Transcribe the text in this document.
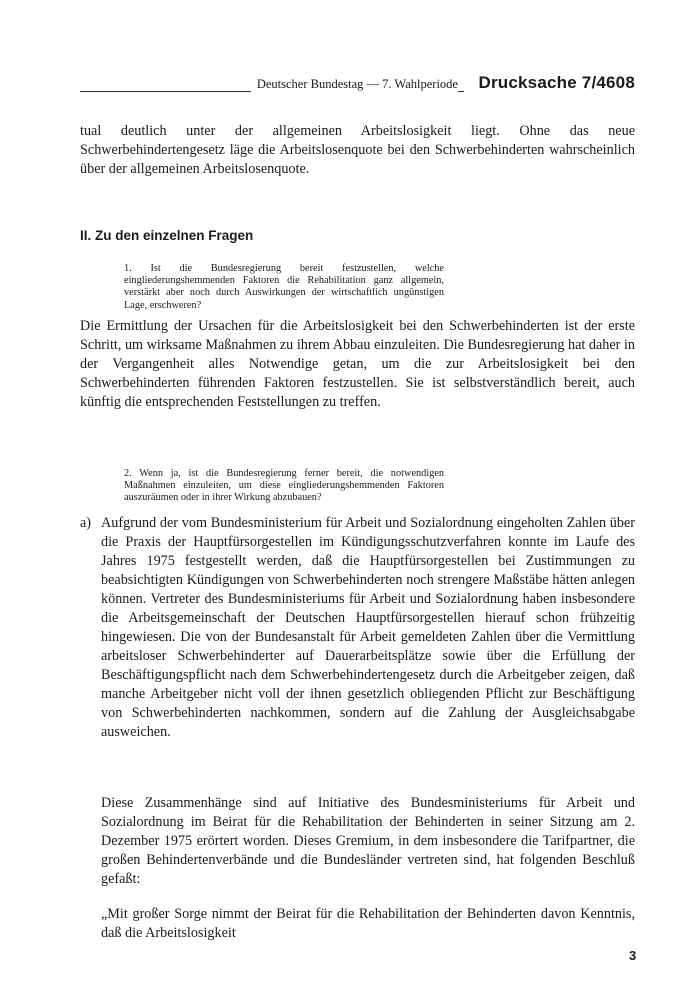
Deutscher Bundestag — 7. Wahlperiode	Drucksache 7/4608

tual deutlich unter der allgemeinen Arbeitslosigkeit liegt. Ohne das neue Schwerbehindertengesetz läge die Arbeitslosenquote bei den Schwerbehinderten wahrscheinlich über der allgemeinen Arbeitslosenquote.

II. Zu den einzelnen Fragen

1. Ist die Bundesregierung bereit festzustellen, welche eingliederungshemmenden Faktoren die Rehabilitation ganz allgemein, verstärkt aber noch durch Auswirkungen der wirtschaftlich ungünstigen Lage, erschweren?

Die Ermittlung der Ursachen für die Arbeitslosigkeit bei den Schwerbehinderten ist der erste Schritt, um wirksame Maßnahmen zu ihrem Abbau einzuleiten. Die Bundesregierung hat daher in der Vergangenheit alles Notwendige getan, um die zur Arbeitslosigkeit bei den Schwerbehinderten führenden Faktoren festzustellen. Sie ist selbstverständlich bereit, auch künftig die entsprechenden Feststellungen zu treffen.

2. Wenn ja, ist die Bundesregierung ferner bereit, die notwendigen Maßnahmen einzuleiten, um diese eingliederungshemmenden Faktoren auszuräumen oder in ihrer Wirkung abzubauen?

a) Aufgrund der vom Bundesministerium für Arbeit und Sozialordnung eingeholten Zahlen über die Praxis der Hauptfürsorgestellen im Kündigungsschutzverfahren konnte im Laufe des Jahres 1975 festgestellt werden, daß die Hauptfürsorgestellen bei Zustimmungen zu beabsichtigten Kündigungen von Schwerbehinderten noch strengere Maßstäbe hätten anlegen können. Vertreter des Bundesministeriums für Arbeit und Sozialordnung haben insbesondere die Arbeitsgemeinschaft der Deutschen Hauptfürsorgestellen hierauf schon frühzeitig hingewiesen. Die von der Bundesanstalt für Arbeit gemeldeten Zahlen über die Vermittlung arbeitsloser Schwerbehinderter auf Dauerarbeitsplätze sowie über die Erfüllung der Beschäftigungspflicht nach dem Schwerbehindertengesetz durch die Arbeitgeber zeigen, daß manche Arbeitgeber nicht voll der ihnen gesetzlich obliegenden Pflicht zur Beschäftigung von Schwerbehinderten nachkommen, sondern auf die Zahlung der Ausgleichsabgabe ausweichen.

Diese Zusammenhänge sind auf Initiative des Bundesministeriums für Arbeit und Sozialordnung im Beirat für die Rehabilitation der Behinderten in seiner Sitzung am 2. Dezember 1975 erörtert worden. Dieses Gremium, in dem insbesondere die Tarifpartner, die großen Behindertenverbände und die Bundesländer vertreten sind, hat folgenden Beschluß gefaßt:

„Mit großer Sorge nimmt der Beirat für die Rehabilitation der Behinderten davon Kenntnis, daß die Arbeitslosigkeit

3
